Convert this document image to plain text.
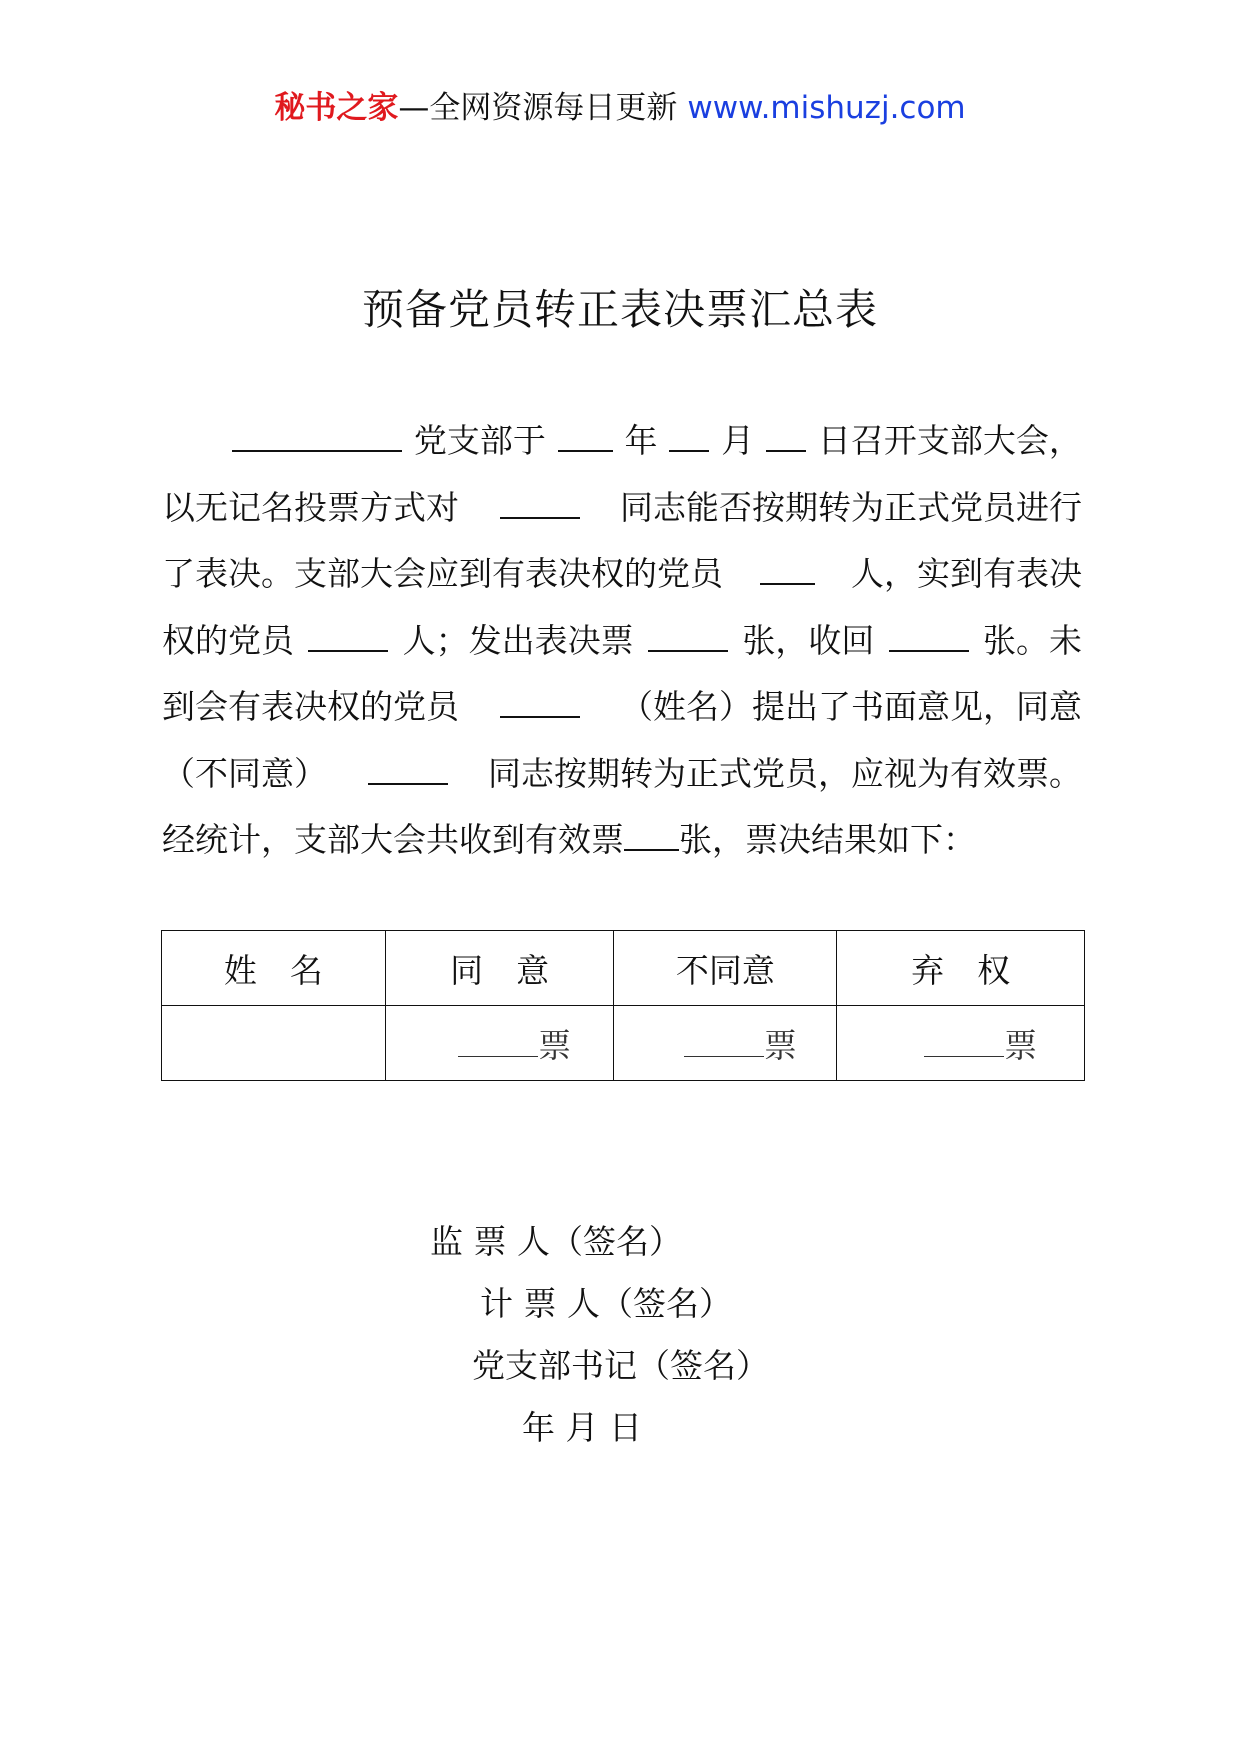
秘书之家—全网资源每日更新 www.mishuzj.com
预备党员转正表决票汇总表
党支部于 年 月 日召开支部大会，
以无记名投票方式对	同志能否按期转为正式党员进行
了表决。支部大会应到有表决权的党员	人，实到有表决
权的党员	人；发出表决票	张，收回	张。未
到会有表决权的党员	（姓名）提出了书面意见，同意
（不同意）	同志按期转为正式党员，应视为有效票。
经统计，支部大会共收到有效票 张，票决结果如下：
姓　名	同　意	不同意	弃　权
	票	票	票
监 票 人（签名）
计 票 人（签名）
党支部书记（签名）
年 月 日
